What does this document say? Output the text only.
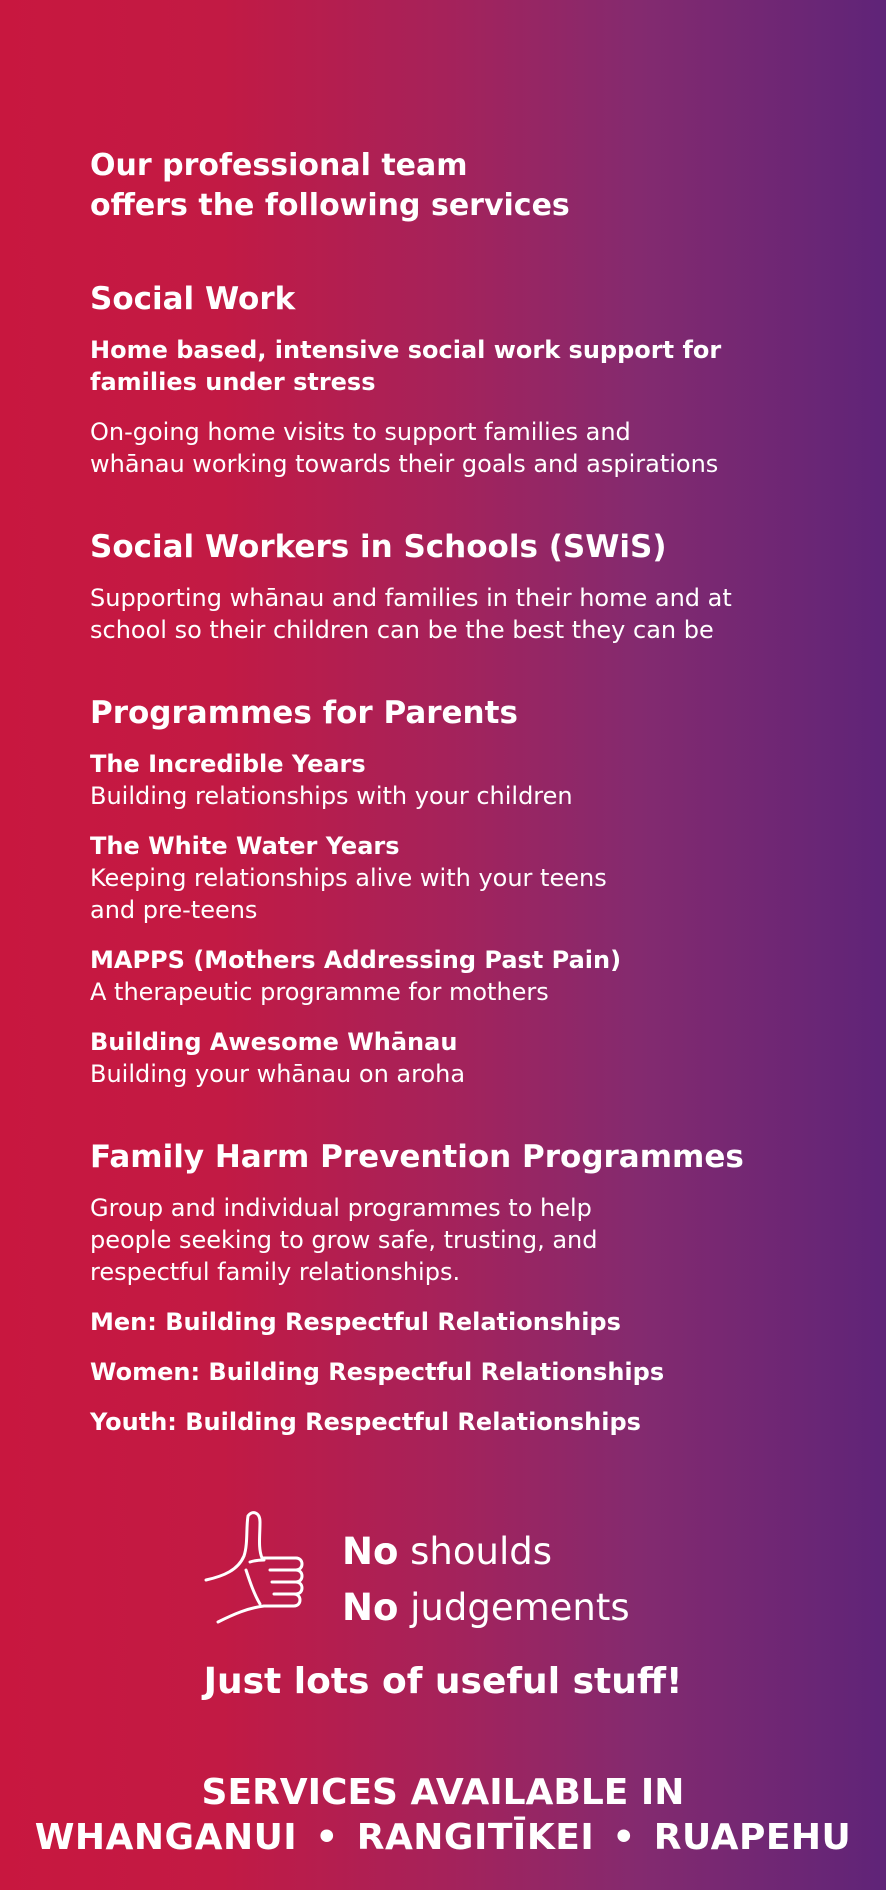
Our professional team
offers the following services
Social Work

Home based, intensive social work support for
families under stress

On-going home visits to support families and
whānau working towards their goals and aspirations

Social Workers in Schools (SWiS)

Supporting whānau and families in their home and at
school so their children can be the best they can be

Programmes for Parents
The Incredible Years
Building relationships with your children
The White Water Years
Keeping relationships alive with your teens
and pre-teens
MAPPS (Mothers Addressing Past Pain)
A therapeutic programme for mothers
Building Awesome Whānau
Building your whānau on aroha
Family Harm Prevention Programmes

Group and individual programmes to help
people seeking to grow safe, trusting, and
respectful family relationships.

Men: Building Respectful Relationships

Women: Building Respectful Relationships

Youth: Building Respectful Relationships

No shoulds
No judgements

Just lots of useful stuff!

SERVICES AVAILABLE IN
WHANGANUI • RANGITĪKEI • RUAPEHU
